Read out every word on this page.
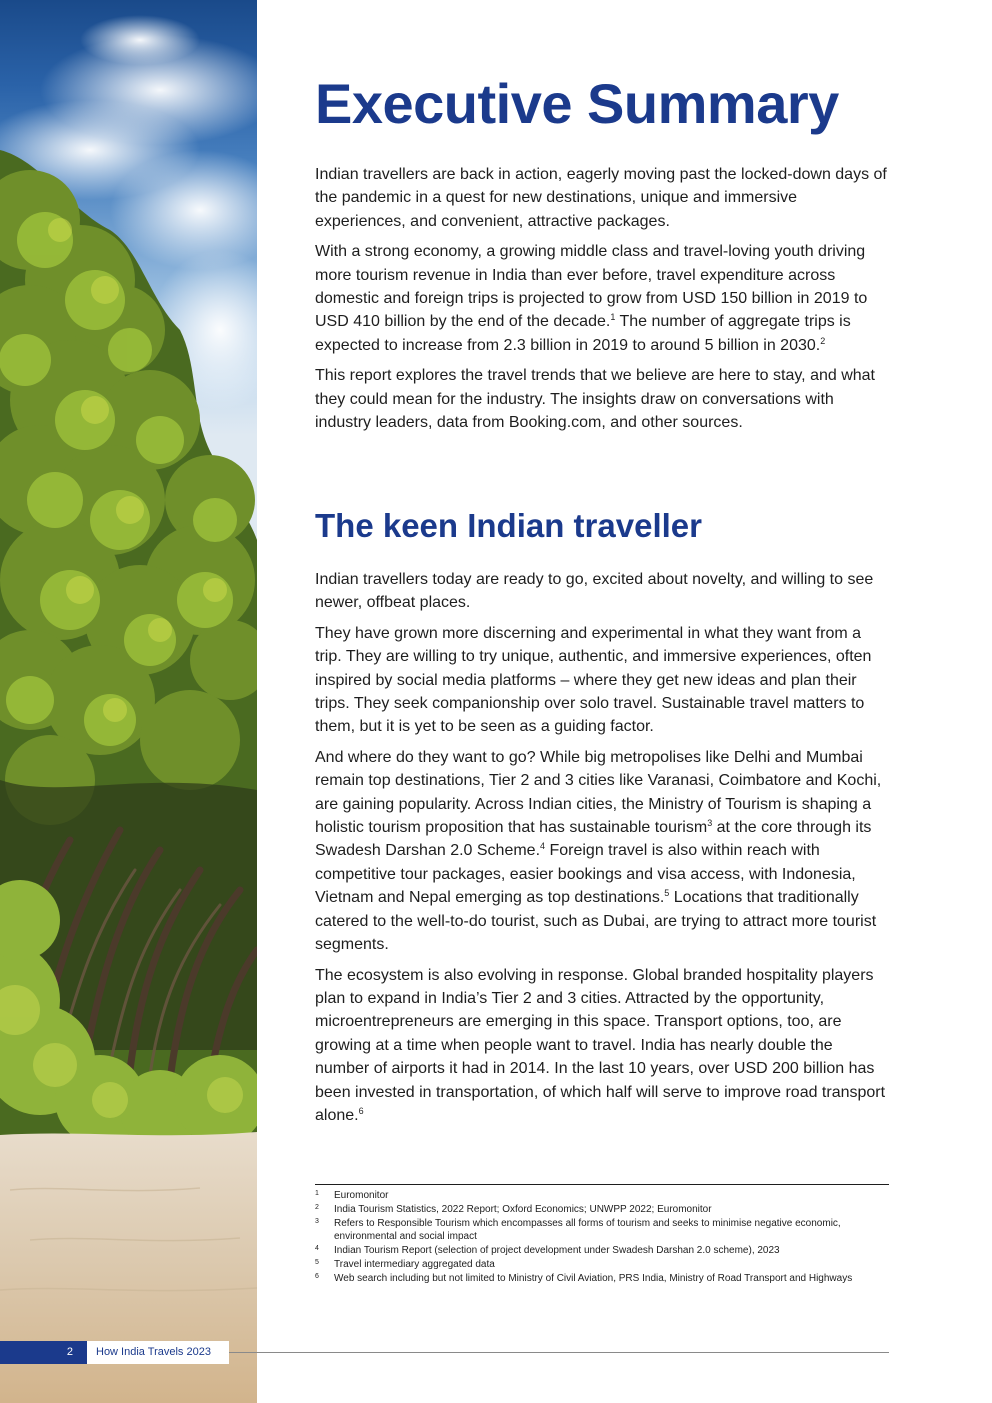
Executive Summary

Indian travellers are back in action, eagerly moving past the locked-down days of the pandemic in a quest for new destinations, unique and immersive experiences, and convenient, attractive packages.

With a strong economy, a growing middle class and travel-loving youth driving more tourism revenue in India than ever before, travel expenditure across domestic and foreign trips is projected to grow from USD 150 billion in 2019 to USD 410 billion by the end of the decade.$^1$ The number of aggregate trips is expected to increase from 2.3 billion in 2019 to around 5 billion in 2030.$^2$

This report explores the travel trends that we believe are here to stay, and what they could mean for the industry. The insights draw on conversations with industry leaders, data from Booking.com, and other sources.

The keen Indian traveller

Indian travellers today are ready to go, excited about novelty, and willing to see newer, offbeat places.

They have grown more discerning and experimental in what they want from a trip. They are willing to try unique, authentic, and immersive experiences, often inspired by social media platforms – where they get new ideas and plan their trips. They seek companionship over solo travel. Sustainable travel matters to them, but it is yet to be seen as a guiding factor.

And where do they want to go? While big metropolises like Delhi and Mumbai remain top destinations, Tier 2 and 3 cities like Varanasi, Coimbatore and Kochi, are gaining popularity. Across Indian cities, the Ministry of Tourism is shaping a holistic tourism proposition that has sustainable tourism$^3$ at the core through its Swadesh Darshan 2.0 Scheme.$^4$ Foreign travel is also within reach with competitive tour packages, easier bookings and visa access, with Indonesia, Vietnam and Nepal emerging as top destinations.$^5$ Locations that traditionally catered to the well-to-do tourist, such as Dubai, are trying to attract more tourist segments.

The ecosystem is also evolving in response. Global branded hospitality players plan to expand in India’s Tier 2 and 3 cities. Attracted by the opportunity, microentrepreneurs are emerging in this space. Transport options, too, are growing at a time when people want to travel. India has nearly double the number of airports it had in 2014. In the last 10 years, over USD 200 billion has been invested in transportation, of which half will serve to improve road transport alone.$^6$

1	Euromonitor
2	India Tourism Statistics, 2022 Report; Oxford Economics; UNWPP 2022; Euromonitor
3	Refers to Responsible Tourism which encompasses all forms of tourism and seeks to minimise negative economic, environmental and social impact
4	Indian Tourism Report (selection of project development under Swadesh Darshan 2.0 scheme), 2023
5	Travel intermediary aggregated data
6	Web search including but not limited to Ministry of Civil Aviation, PRS India, Ministry of Road Transport and Highways
2	How India Travels 2023
